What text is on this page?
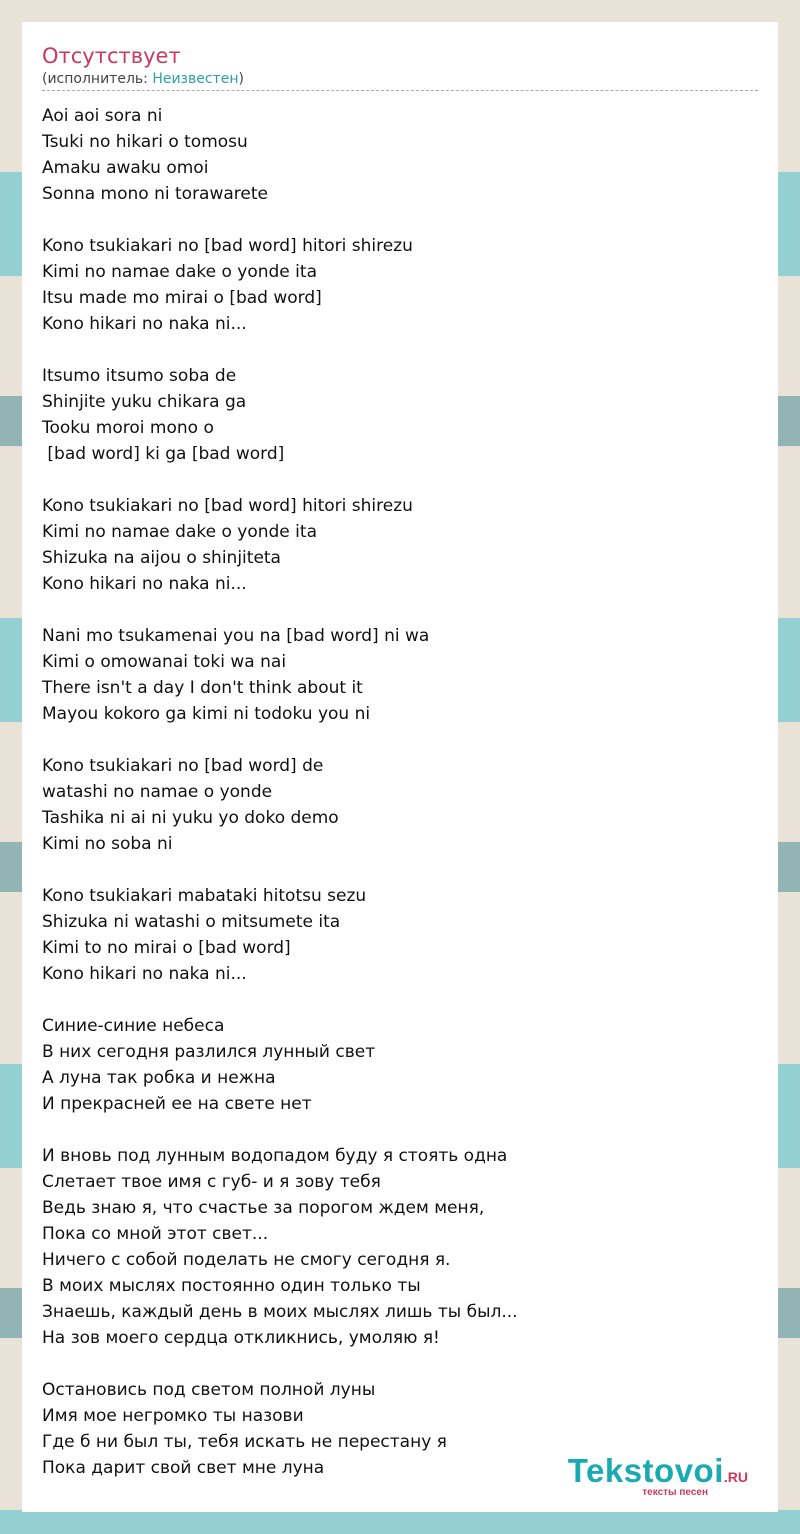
Отсутствует
(исполнитель: Неизвестен)
Aoi aoi sora ni
Tsuki no hikari o tomosu
Amaku awaku omoi
Sonna mono ni torawarete
Kono tsukiakari no [bad word] hitori shirezu
Kimi no namae dake o yonde ita
Itsu made mo mirai o [bad word]
Kono hikari no naka ni...
Itsumo itsumo soba de
Shinjite yuku chikara ga
Tooku moroi mono o
[bad word] ki ga [bad word]
Kono tsukiakari no [bad word] hitori shirezu
Kimi no namae dake o yonde ita
Shizuka na aijou o shinjiteta
Kono hikari no naka ni...
Nani mo tsukamenai you na [bad word] ni wa
Kimi o omowanai toki wa nai
There isn't a day I don't think about it
Mayou kokoro ga kimi ni todoku you ni
Kono tsukiakari no [bad word] de
watashi no namae o yonde
Tashika ni ai ni yuku yo doko demo
Kimi no soba ni
Kono tsukiakari mabataki hitotsu sezu
Shizuka ni watashi o mitsumete ita
Kimi to no mirai o [bad word]
Kono hikari no naka ni...
Синие-синие небеса
В них сегодня разлился лунный свет
А луна так робка и нежна
И прекрасней ее на свете нет
И вновь под лунным водопадом буду я стоять одна
Слетает твое имя с губ- и я зову тебя
Ведь знаю я, что счастье за порогом ждем меня,
Пока со мной этот свет...
Ничего с собой поделать не смогу сегодня я.
В моих мыслях постоянно один только ты
Знаешь, каждый день в моих мыслях лишь ты был...
На зов моего сердца откликнись, умоляю я!
Остановись под светом полной луны
Имя мое негромко ты назови
Где б ни был ты, тебя искать не перестану я
Пока дарит свой свет мне луна	Tekstovoi.RU
тексты песен
